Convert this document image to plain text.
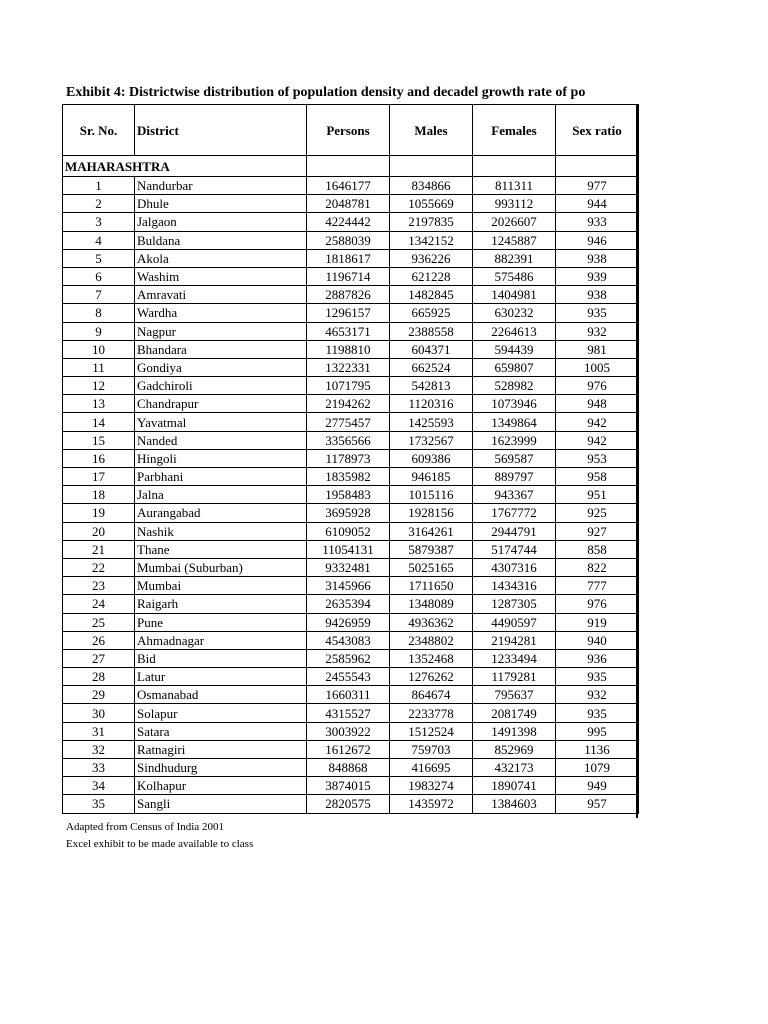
Exhibit 4: Districtwise distribution of population density and decadel growth rate of po
Sr. No.	District	Persons	Males	Females	Sex ratio
MAHARASHTRA					
1	Nandurbar	1646177	834866	811311	977
2	Dhule	2048781	1055669	993112	944
3	Jalgaon	4224442	2197835	2026607	933
4	Buldana	2588039	1342152	1245887	946
5	Akola	1818617	936226	882391	938
6	Washim	1196714	621228	575486	939
7	Amravati	2887826	1482845	1404981	938
8	Wardha	1296157	665925	630232	935
9	Nagpur	4653171	2388558	2264613	932
10	Bhandara	1198810	604371	594439	981
11	Gondiya	1322331	662524	659807	1005
12	Gadchiroli	1071795	542813	528982	976
13	Chandrapur	2194262	1120316	1073946	948
14	Yavatmal	2775457	1425593	1349864	942
15	Nanded	3356566	1732567	1623999	942
16	Hingoli	1178973	609386	569587	953
17	Parbhani	1835982	946185	889797	958
18	Jalna	1958483	1015116	943367	951
19	Aurangabad	3695928	1928156	1767772	925
20	Nashik	6109052	3164261	2944791	927
21	Thane	11054131	5879387	5174744	858
22	Mumbai (Suburban)	9332481	5025165	4307316	822
23	Mumbai	3145966	1711650	1434316	777
24	Raigarh	2635394	1348089	1287305	976
25	Pune	9426959	4936362	4490597	919
26	Ahmadnagar	4543083	2348802	2194281	940
27	Bid	2585962	1352468	1233494	936
28	Latur	2455543	1276262	1179281	935
29	Osmanabad	1660311	864674	795637	932
30	Solapur	4315527	2233778	2081749	935
31	Satara	3003922	1512524	1491398	995
32	Ratnagiri	1612672	759703	852969	1136
33	Sindhudurg	848868	416695	432173	1079
34	Kolhapur	3874015	1983274	1890741	949
35	Sangli	2820575	1435972	1384603	957
Adapted from Census of India 2001
Excel exhibit to be made available to class
